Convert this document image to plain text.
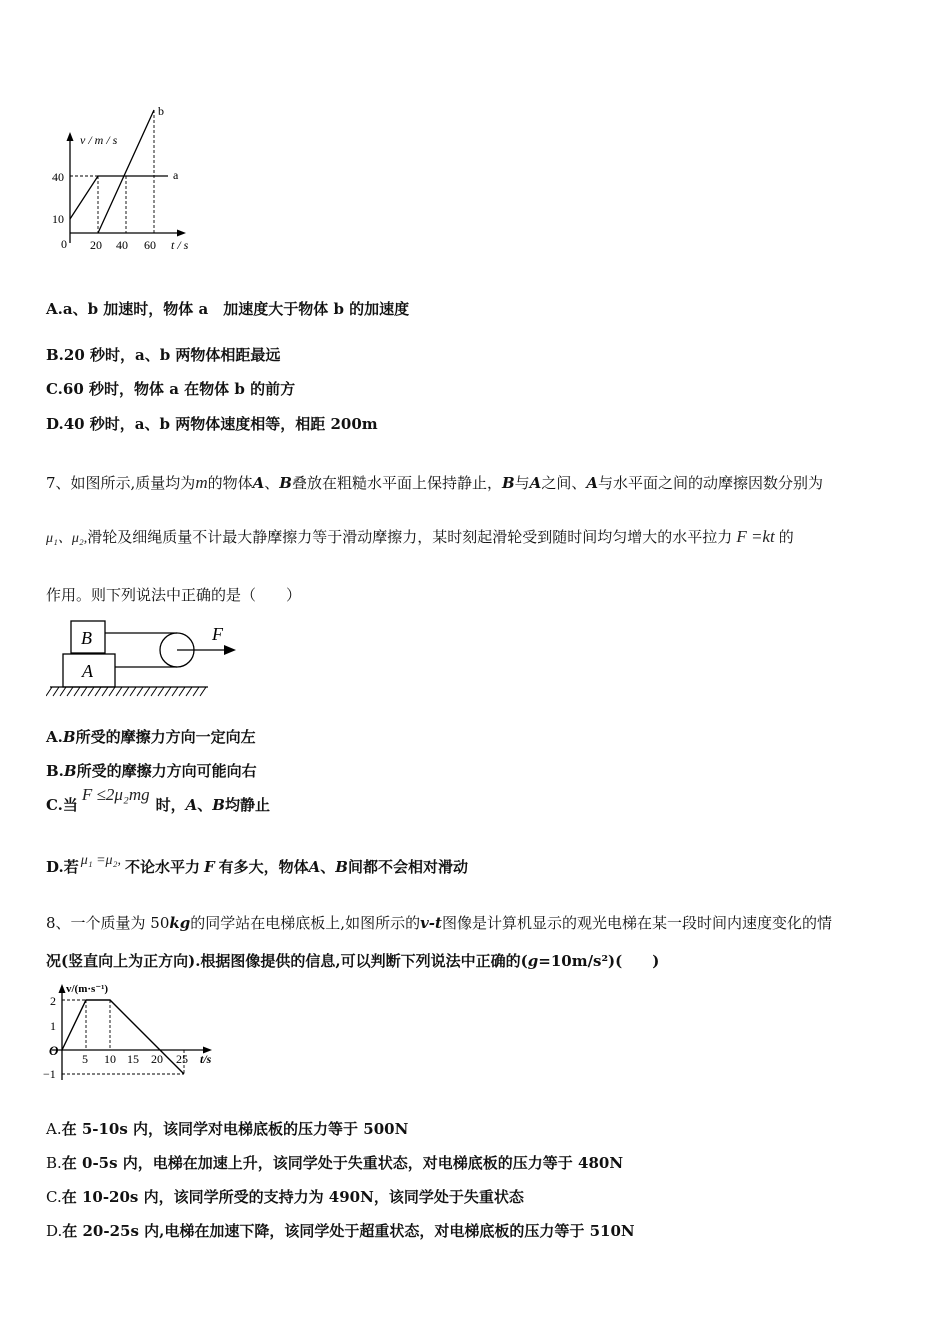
v / m / s
a
b
40
10
0 20 40 60 t / s
A.a、b 加速时，物体 a　加速度大于物体 b 的加速度
B.20 秒时，a、b 两物体相距最远
C.60 秒时，物体 a 在物体 b 的前方
D.40 秒时，a、b 两物体速度相等，相距 200m
7、如图所示,质量均为m的物体A、B叠放在粗糙水平面上保持静止，B与A之间、A与水平面之间的动摩擦因数分别为
μ₁、μ₂,滑轮及细绳质量不计最大静摩擦力等于滑动摩擦力，某时刻起滑轮受到随时间均匀增大的水平拉力 F =kt 的
作用。则下列说法中正确的是（　　）
B
A
F
A.B所受的摩擦力方向一定向左
B.B所受的摩擦力方向可能向右
C.当F ≤2μ₂mg时，A、B均静止
D.若 μ₁ =μ₂, 不论水平力 F 有多大，物体A、B间都不会相对滑动
8、一个质量为 50kg的同学站在电梯底板上,如图所示的v-t图像是计算机显示的观光电梯在某一段时间内速度变化的情
况(竖直向上为正方向).根据图像提供的信息,可以判断下列说法中正确的(g=10m/s²)(　　)
v/(m·s⁻¹)
2
1
−1
O
5 10 15 20 25 t/s
A.在 5-10s 内，该同学对电梯底板的压力等于 500N
B.在 0-5s 内，电梯在加速上升，该同学处于失重状态，对电梯底板的压力等于 480N
C.在 10-20s 内，该同学所受的支持力为 490N，该同学处于失重状态
D.在 20-25s 内,电梯在加速下降，该同学处于超重状态，对电梯底板的压力等于 510N
